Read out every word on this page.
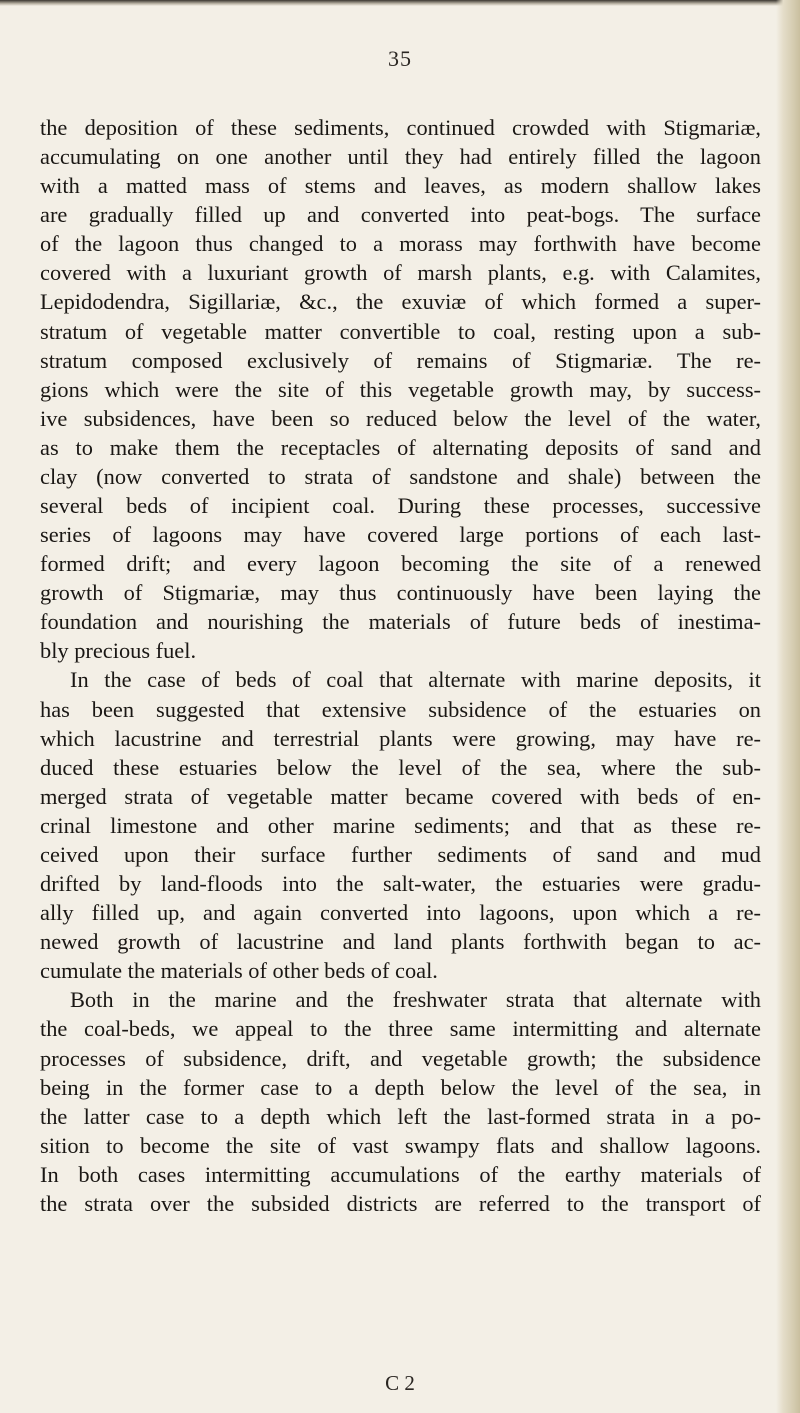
35
the deposition of these sediments, continued crowded with Stigmariæ,
accumulating on one another until they had entirely filled the lagoon
with a matted mass of stems and leaves, as modern shallow lakes
are gradually filled up and converted into peat-bogs. The surface
of the lagoon thus changed to a morass may forthwith have become
covered with a luxuriant growth of marsh plants, e.g. with Calamites,
Lepidodendra, Sigillariæ, &c., the exuviæ of which formed a super-
stratum of vegetable matter convertible to coal, resting upon a sub-
stratum composed exclusively of remains of Stigmariæ. The re-
gions which were the site of this vegetable growth may, by success-
ive subsidences, have been so reduced below the level of the water,
as to make them the receptacles of alternating deposits of sand and
clay (now converted to strata of sandstone and shale) between the
several beds of incipient coal. During these processes, successive
series of lagoons may have covered large portions of each last-
formed drift; and every lagoon becoming the site of a renewed
growth of Stigmariæ, may thus continuously have been laying the
foundation and nourishing the materials of future beds of inestima-
bly precious fuel.
In the case of beds of coal that alternate with marine deposits, it
has been suggested that extensive subsidence of the estuaries on
which lacustrine and terrestrial plants were growing, may have re-
duced these estuaries below the level of the sea, where the sub-
merged strata of vegetable matter became covered with beds of en-
crinal limestone and other marine sediments; and that as these re-
ceived upon their surface further sediments of sand and mud
drifted by land-floods into the salt-water, the estuaries were gradu-
ally filled up, and again converted into lagoons, upon which a re-
newed growth of lacustrine and land plants forthwith began to ac-
cumulate the materials of other beds of coal.
Both in the marine and the freshwater strata that alternate with
the coal-beds, we appeal to the three same intermitting and alternate
processes of subsidence, drift, and vegetable growth; the subsidence
being in the former case to a depth below the level of the sea, in
the latter case to a depth which left the last-formed strata in a po-
sition to become the site of vast swampy flats and shallow lagoons.
In both cases intermitting accumulations of the earthy materials of
the strata over the subsided districts are referred to the transport of
C 2
